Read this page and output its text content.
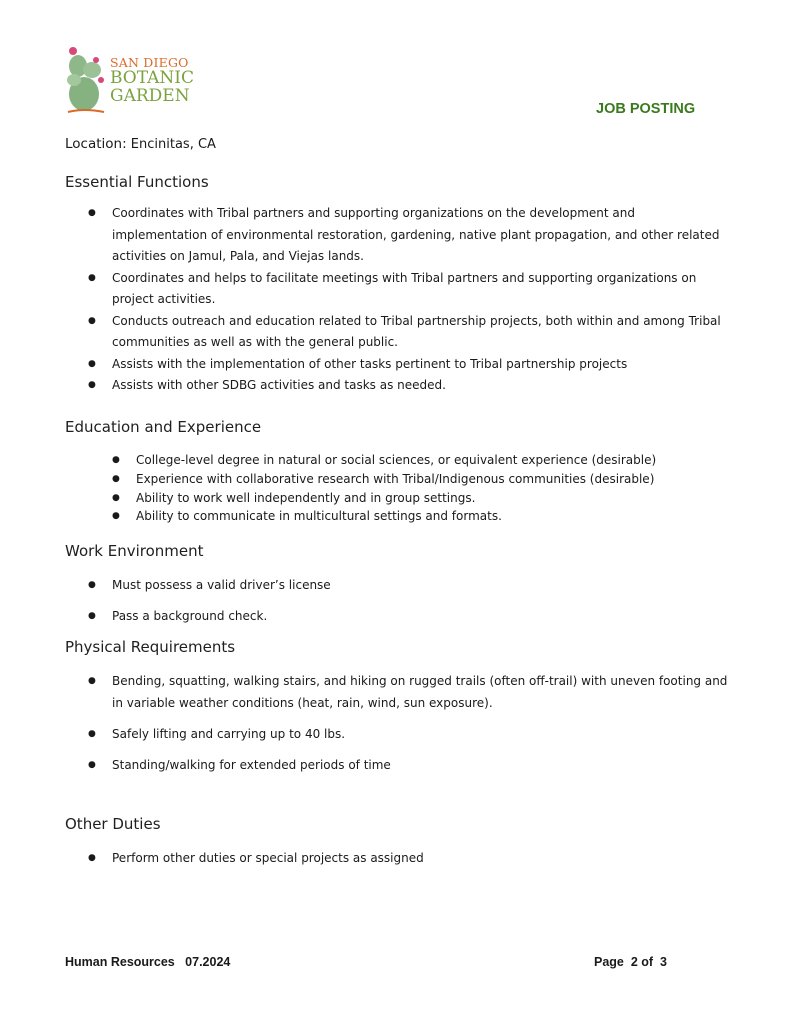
SAN DIEGO
BOTANIC
GARDEN
JOB POSTING
Location: Encinitas, CA
Essential Functions
● Coordinates with Tribal partners and supporting organizations on the development and implementation of environmental restoration, gardening, native plant propagation, and other related activities on Jamul, Pala, and Viejas lands.
● Coordinates and helps to facilitate meetings with Tribal partners and supporting organizations on project activities.
● Conducts outreach and education related to Tribal partnership projects, both within and among Tribal communities as well as with the general public.
● Assists with the implementation of other tasks pertinent to Tribal partnership projects
● Assists with other SDBG activities and tasks as needed.
Education and Experience
● College-level degree in natural or social sciences, or equivalent experience (desirable)
● Experience with collaborative research with Tribal/Indigenous communities (desirable)
● Ability to work well independently and in group settings.
● Ability to communicate in multicultural settings and formats.
Work Environment
● Must possess a valid driver’s license
● Pass a background check.
Physical Requirements
● Bending, squatting, walking stairs, and hiking on rugged trails (often off-trail) with uneven footing and in variable weather conditions (heat, rain, wind, sun exposure).
● Safely lifting and carrying up to 40 lbs.
● Standing/walking for extended periods of time
Other Duties
● Perform other duties or special projects as assigned
Human Resources   07.2024	Page  2 of  3
